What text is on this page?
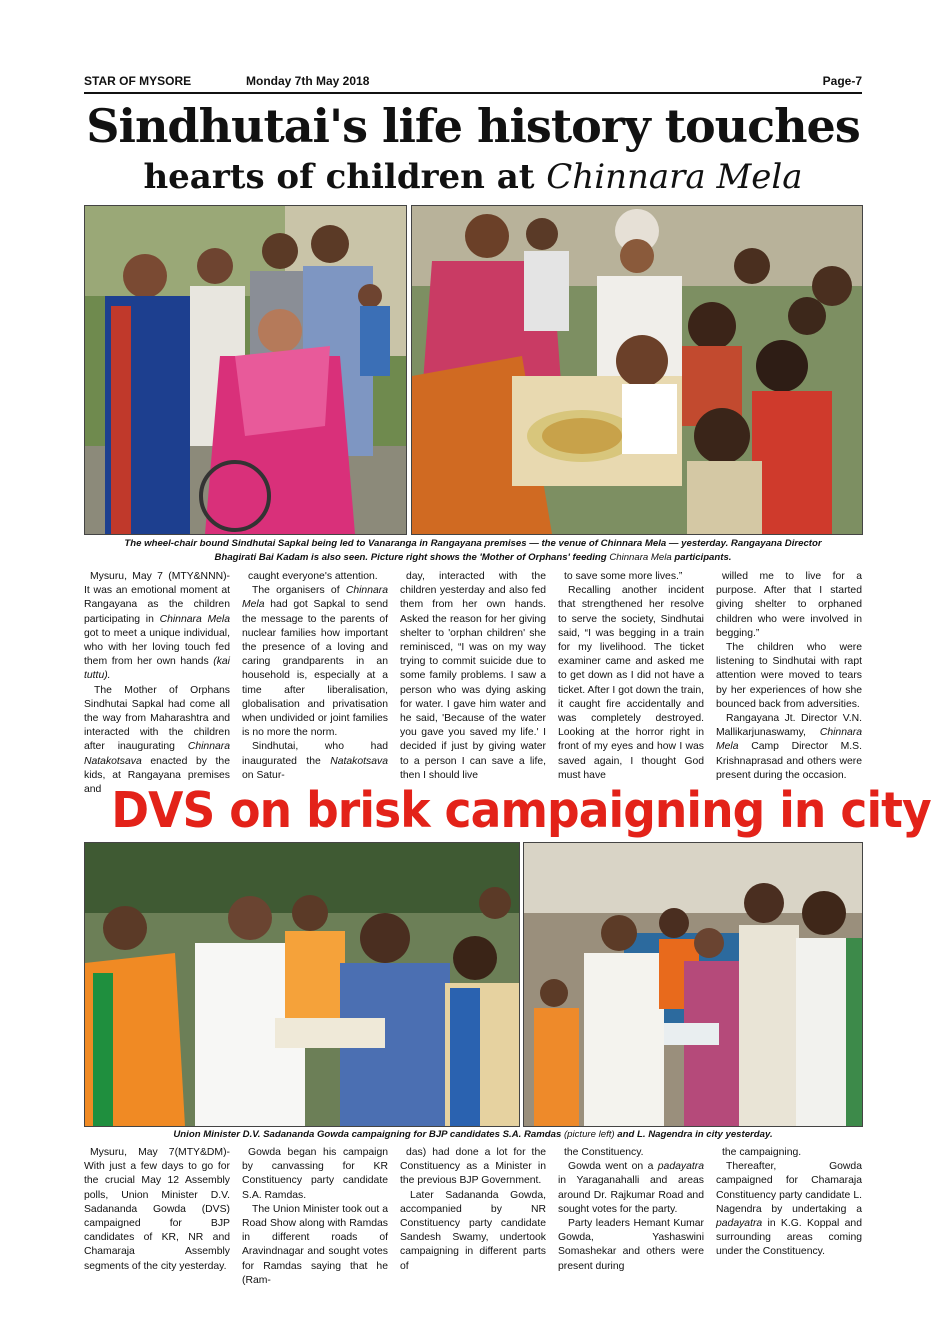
STAR OF MYSORE	Monday 7th May 2018	Page-7
Sindhutai's life history touches
hearts of children at Chinnara Mela
The wheel-chair bound Sindhutai Sapkal being led to Vanaranga in Rangayana premises — the venue of Chinnara Mela — yesterday. Rangayana Director
Bhagirati Bai Kadam is also seen. Picture right shows the 'Mother of Orphans' feeding Chinnara Mela participants.

Mysuru, May 7 (MTY&NNN)- It was an emotional moment at Rangayana as the children participating in Chinnara Mela got to meet a unique individual, who with her loving touch fed them from her own hands (kai tuttu).

The Mother of Orphans Sindhutai Sapkal had come all the way from Maharashtra and interacted with the children after inaugurating Chinnara Natakotsava enacted by the kids, at Rangayana premises and

caught everyone's attention.

The organisers of Chinnara Mela had got Sapkal to send the message to the parents of nuclear families how important the presence of a loving and caring grandparents in an household is, especially at a time after liberalisation, globalisation and privatisation when undivided or joint families is no more the norm.

Sindhutai, who had inaugurated the Natakotsava on Satur-

day, interacted with the children yesterday and also fed them from her own hands. Asked the reason for her giving shelter to 'orphan children' she reminisced, “I was on my way trying to commit suicide due to some family problems. I saw a person who was dying asking for water. I gave him water and he said, 'Because of the water you gave you saved my life.' I decided if just by giving water to a person I can save a life, then I should live

to save some more lives.”

Recalling another incident that strengthened her resolve to serve the society, Sindhutai said, “I was begging in a train for my livelihood. The ticket examiner came and asked me to get down as I did not have a ticket. After I got down the train, it caught fire accidentally and was completely destroyed. Looking at the horror right in front of my eyes and how I was saved again, I thought God must have

willed me to live for a purpose. After that I started giving shelter to orphaned children who were involved in begging.”

The children who were listening to Sindhutai with rapt attention were moved to tears by her experiences of how she bounced back from adversities.

Rangayana Jt. Director V.N. Mallikarjunaswamy, Chinnara Mela Camp Director M.S. Krishnaprasad and others were present during the occasion.

DVS on brisk campaigning in city
Union Minister D.V. Sadananda Gowda campaigning for BJP candidates S.A. Ramdas (picture left) and L. Nagendra in city yesterday.

Mysuru, May 7(MTY&DM)- With just a few days to go for the crucial May 12 Assembly polls, Union Minister D.V. Sadananda Gowda (DVS) campaigned for BJP candidates of KR, NR and Chamaraja Assembly segments of the city yesterday.

Gowda began his campaign by canvassing for KR Constituency party candidate S.A. Ramdas.

The Union Minister took out a Road Show along with Ramdas in different roads of Aravindnagar and sought votes for Ramdas saying that he (Ram-

das) had done a lot for the Constituency as a Minister in the previous BJP Government.

Later Sadananda Gowda, accompanied by NR Constituency party candidate Sandesh Swamy, undertook campaigning in different parts of

the Constituency.

Gowda went on a padayatra in Yaraganahalli and areas around Dr. Rajkumar Road and sought votes for the party.

Party leaders Hemant Kumar Gowda, Yashaswini Somashekar and others were present during

the campaigning.

Thereafter, Gowda campaigned for Chamaraja Constituency party candidate L. Nagendra by undertaking a padayatra in K.G. Koppal and surrounding areas coming under the Constituency.
